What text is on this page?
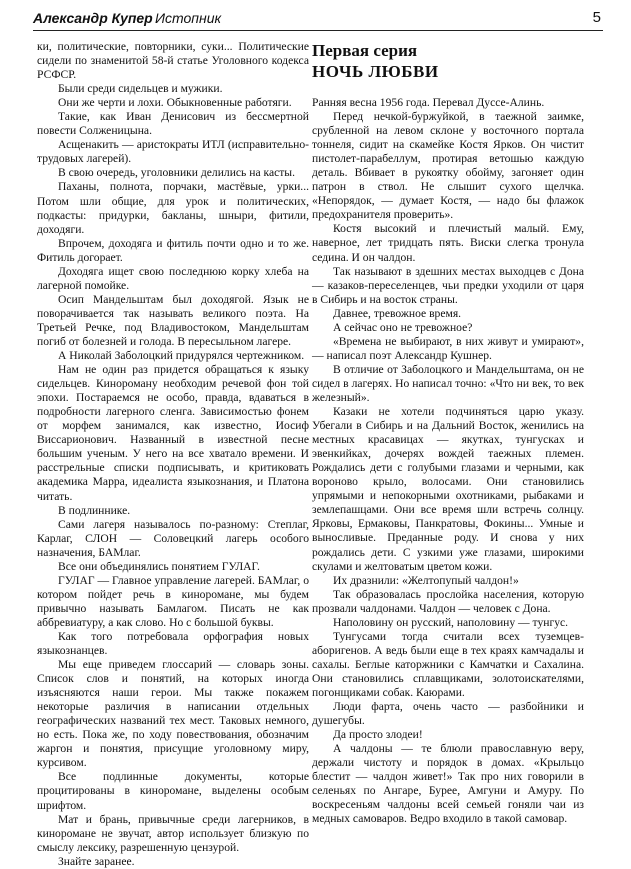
Александр Купер Истопник	5

ки, политические, повторники, суки... Политические сидели по знаменитой 58-й статье Уголовного кодекса РСФСР.

Были среди сидельцев и мужики.

Они же черти и лохи. Обыкновенные работяги.

Такие, как Иван Денисович из бессмертной повести Солженицына.

Асщенакить — аристократы ИТЛ (исправительно-трудовых лагерей).

В свою очередь, уголовники делились на касты.

Паханы, полнота, порчаки, мастёвые, урки... Потом шли общие, для урок и политических, подкасты: придурки, бакланы, шныри, фитили, доходяги.

Впрочем, доходяга и фитиль почти одно и то же. Фитиль догорает.

Доходяга ищет свою последнюю корку хлеба на лагерной помойке.

Осип Мандельштам был доходягой. Язык не поворачивается так называть великого поэта. На Третьей Речке, под Владивостоком, Мандельштам погиб от болезней и голода. В пересыльном лагере.

А Николай Заболоцкий придурялся чертежником.

Нам не один раз придется обращаться к языку сидельцев. Кинороману необходим речевой фон той эпохи. Постараемся не особо, правда, вдаваться в подробности лагерного сленга. Зависимостью фонем от морфем занимался, как известно, Иосиф Виссарионович. Названный в известной песне большим ученым. У него на все хватало времени. И расстрельные списки подписывать, и критиковать академика Марра, идеалиста языкознания, и Платона читать.

В подлиннике.

Сами лагеря называлось по-разному: Степлаг, Карлаг, СЛОН — Соловецкий лагерь особого назначения, БАМлаг.

Все они объединялись понятием ГУЛАГ.

ГУЛАГ — Главное управление лагерей. БАМлаг, о котором пойдет речь в кинoромане, мы будем привычно называть Бамлагом. Писать не как аббревиатуру, а как слово. Но с большой буквы.

Как того потребовала орфография новых языкознанцев.

Мы еще приведем глоссарий — словарь зоны. Список слов и понятий, на которых иногда изъясняются наши герои. Мы также покажем некоторые различия в написании отдельных географических названий тех мест. Таковых немного, но есть. Пока же, по ходу повествования, обозначим жаргон и понятия, присущие уголовному миру, курсивом.

Все подлинные документы, которые процитированы в кинoромане, выделены особым шрифтом.

Мат и брань, привычные среди лагерников, в кинoромане не звучат, автор использует близкую по смыслу лексику, разрешенную цензурой.

Знайте заранее.

Первая серия
НОЧЬ ЛЮБВИ

Ранняя весна 1956 года. Перевал Дуссе-Алинь.

Перед нечкой-буржуйкой, в таежной заимке, срубленной на левом склоне у восточного портала тоннеля, сидит на скамейке Костя Ярков. Он чистит пистолет-парабеллум, протирая ветошью каждую деталь. Вбивает в рукоятку обойму, загоняет один патрон в ствол. Не слышит сухого щелчка. «Непорядок, — думает Костя, — надо бы флажок предохранителя проверить».

Костя высокий и плечистый малый. Ему, наверное, лет тридцать пять. Виски слегка тронула седина. И он чалдон.

Так называют в здешних местах выходцев с Дона — казаков-переселенцев, чьи предки уходили от царя в Сибирь и на восток страны.

Давнее, тревожное время.

А сейчас оно не тревожное?

«Времена не выбирают, в них живут и умирают», — написал поэт Александр Кушнер.

В отличие от Заболоцкого и Мандельштама, он не сидел в лагерях. Но написал точно: «Что ни век, то век железный».

Казаки не хотели подчиняться царю указу. Убегали в Сибирь и на Дальний Восток, женились на местных красавицах — якутках, тунгусках и эвенкийках, дочерях вождей таежных племен. Рождались дети с голубыми глазами и черными, как вороново крыло, волосами. Они становились упрямыми и непокорными охотниками, рыбаками и землепашцами. Они все время шли встречь солнцу. Ярковы, Ермаковы, Панкратовы, Фокины... Умные и выносливые. Преданные роду. И снова у них рождались дети. С узкими уже глазами, широкими скулами и желтоватым цветом кожи.

Их дразнили: «Желтопупый чалдон!»

Так образовалась прослойка населения, которую прозвали чалдонами. Чалдон — человек с Дона.

Наполовину он русский, наполовину — тунгус.

Тунгусами тогда считали всех туземцев-аборигенов. А ведь были еще в тех краях камчадалы и сахалы. Беглые каторжники с Камчатки и Сахалина. Они становились сплавщиками, золотоискателями, погонщиками собак. Каюрами.

Люди фарта, очень часто — разбойники и душегубы.

Да просто злодеи!

А чалдоны — те блюли православную веру, держали чистоту и порядок в домах. «Крыльцо блестит — чалдон живет!» Так про них говорили в селеньях по Ангаре, Бурее, Амгуни и Амуру. По воскресеньям чалдоны всей семьей гоняли чаи из медных самоваров. Ведро входило в такой самовар.
